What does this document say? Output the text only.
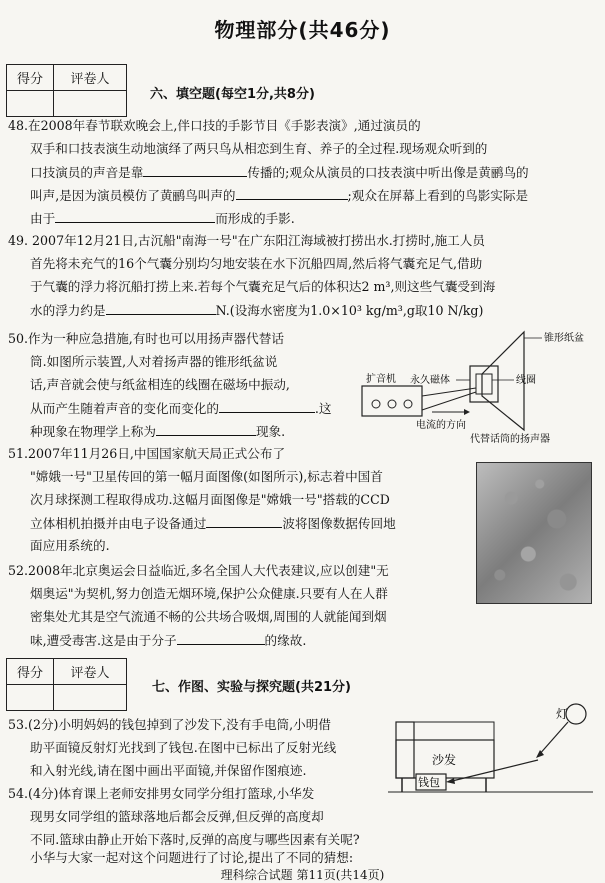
物理部分(共46分)
得分	评卷人

六、填空题(每空1分,共8分)
48.在2008年春节联欢晚会上,伴口技的手影节目《手影表演》,通过演员的
双手和口技表演生动地演绎了两只鸟从相恋到生育、养子的全过程.现场观众听到的
口技演员的声音是靠	传播的;观众从演员的口技表演中听出像是黄鹂鸟的
叫声,是因为演员模仿了黄鹂鸟叫声的	;观众在屏幕上看到的鸟影实际是
由于	而形成的手影.
49. 2007年12月21日,古沉船"南海一号"在广东阳江海域被打捞出水.打捞时,施工人员
首先将未充气的16个气囊分别均匀地安装在水下沉船四周,然后将气囊充足气,借助
于气囊的浮力将沉船打捞上来.若每个气囊充足气后的体积达2 m³,则这些气囊受到海
水的浮力约是	N.(设海水密度为1.0×10³ kg/m³,g取10 N/kg)
50.作为一种应急措施,有时也可以用扬声器代替话
筒.如图所示装置,人对着扬声器的锥形纸盆说
话,声音就会使与纸盆相连的线圈在磁场中振动,
从而产生随着声音的变化而变化的	.这
种现象在物理学上称为	现象.
锥形纸盆
线圈
永久磁体
扩音机
电流的方向
代替话筒的扬声器
51.2007年11月26日,中国国家航天局正式公布了
"嫦娥一号"卫星传回的第一幅月面图像(如图所示),标志着中国首
次月球探测工程取得成功.这幅月面图像是"嫦娥一号"搭载的CCD
立体相机拍摄并由电子设备通过	波将图像数据传回地
面应用系统的.
52.2008年北京奥运会日益临近,多名全国人大代表建议,应以创建"无
烟奥运"为契机,努力创造无烟环境,保护公众健康.只要有人在人群
密集处尤其是空气流通不畅的公共场合吸烟,周围的人就能闻到烟
味,遭受毒害.这是由于分子	的缘故.
得分	评卷人

七、作图、实验与探究题(共21分)
53.(2分)小明妈妈的钱包掉到了沙发下,没有手电筒,小明借
助平面镜反射灯光找到了钱包.在图中已标出了反射光线
和入射光线,请在图中画出平面镜,并保留作图痕迹.
灯
沙发
钱包
54.(4分)体育课上老师安排男女同学分组打篮球,小华发
现男女同学组的篮球落地后都会反弹,但反弹的高度却
不同.篮球由静止开始下落时,反弹的高度与哪些因素有关呢?
小华与大家一起对这个问题进行了讨论,提出了不同的猜想:
理科综合试题 第11页(共14页)
